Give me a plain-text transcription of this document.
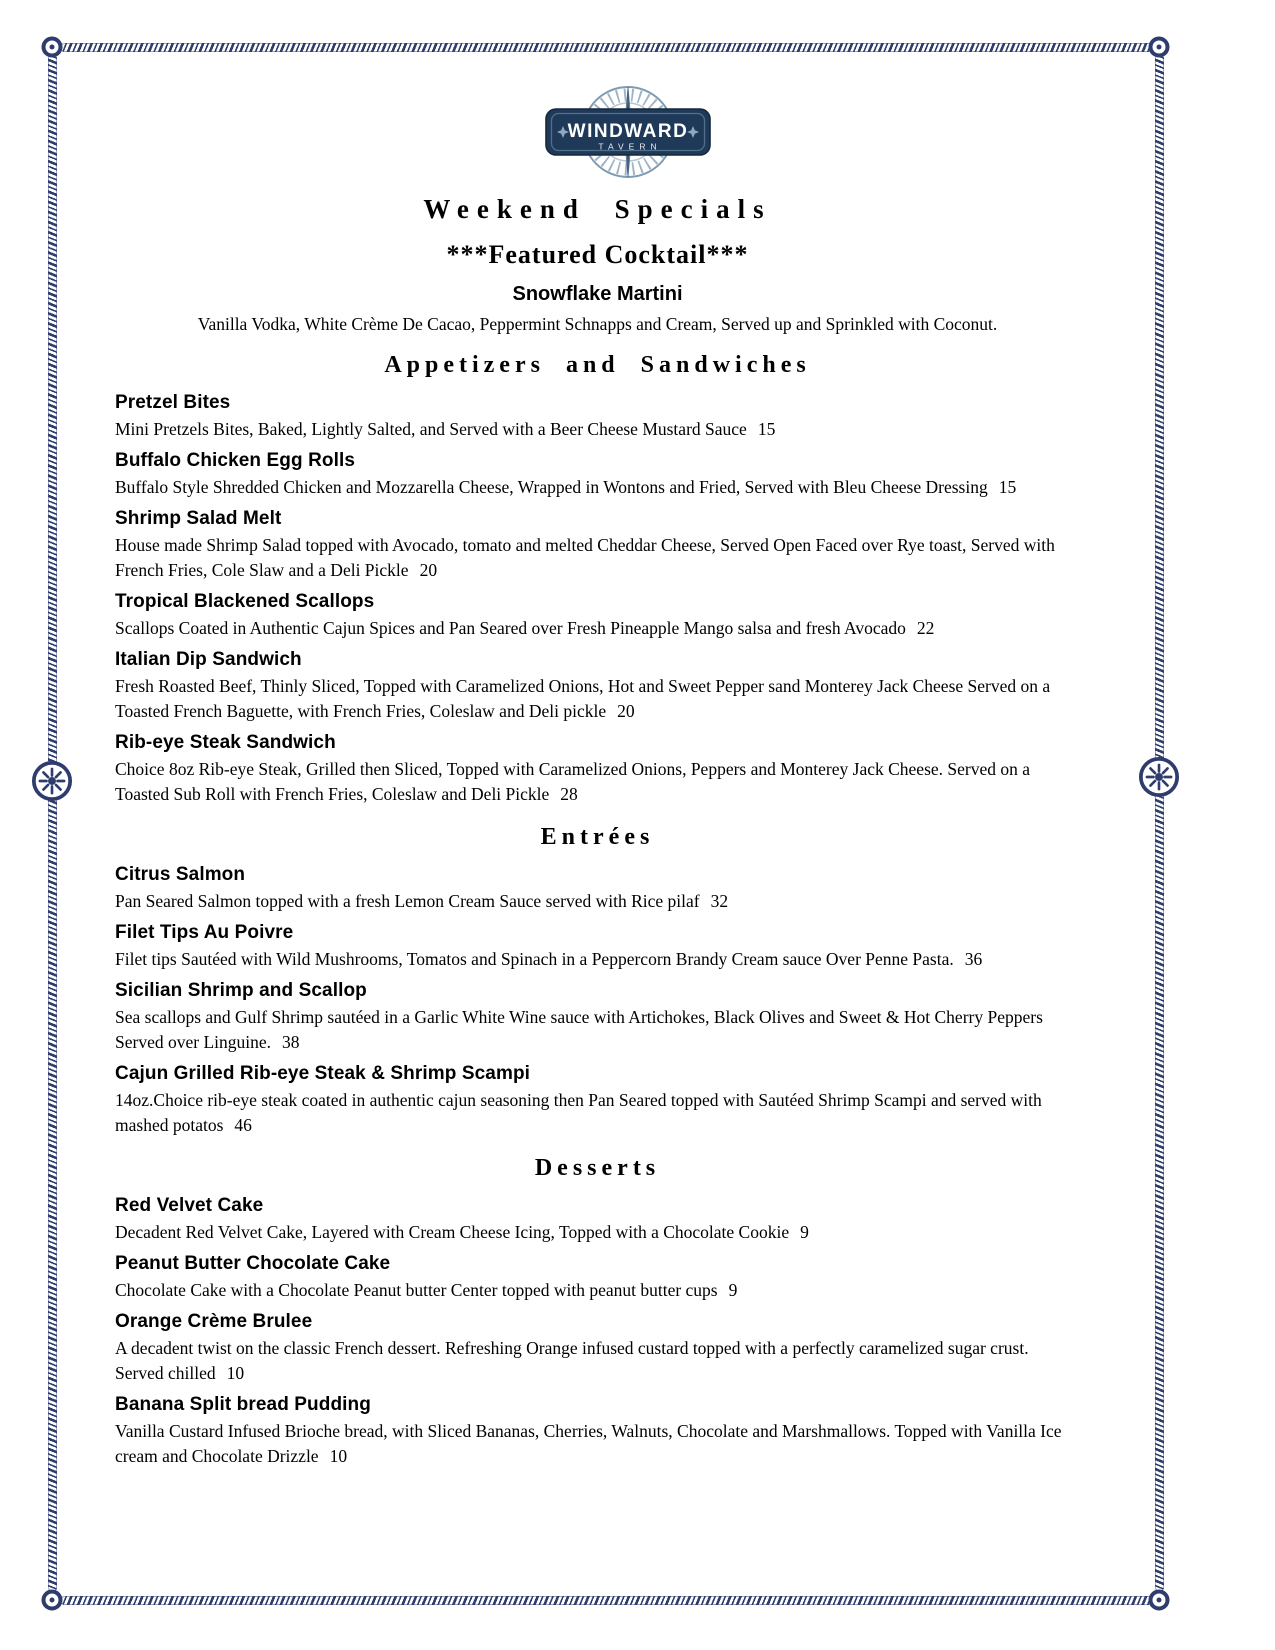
WINDWARD
TAVERN
Weekend Specials
***Featured Cocktail***
Snowflake Martini

Vanilla Vodka, White Crème De Cacao, Peppermint Schnapps and Cream, Served up and Sprinkled with Coconut.

Appetizers and Sandwiches
Pretzel Bites

Mini Pretzels Bites, Baked, Lightly Salted, and Served with a Beer Cheese Mustard Sauce 15

Buffalo Chicken Egg Rolls

Buffalo Style Shredded Chicken and Mozzarella Cheese, Wrapped in Wontons and Fried, Served with Bleu Cheese Dressing 15

Shrimp Salad Melt

House made Shrimp Salad topped with Avocado, tomato and melted Cheddar Cheese, Served Open Faced over Rye toast, Served with French Fries, Cole Slaw and a Deli Pickle 20

Tropical Blackened Scallops

Scallops Coated in Authentic Cajun Spices and Pan Seared over Fresh Pineapple Mango salsa and fresh Avocado 22

Italian Dip Sandwich

Fresh Roasted Beef, Thinly Sliced, Topped with Caramelized Onions, Hot and Sweet Pepper sand Monterey Jack Cheese Served on a Toasted French Baguette, with French Fries, Coleslaw and Deli pickle 20

Rib-eye Steak Sandwich

Choice 8oz Rib-eye Steak, Grilled then Sliced, Topped with Caramelized Onions, Peppers and Monterey Jack Cheese. Served on a Toasted Sub Roll with French Fries, Coleslaw and Deli Pickle 28

Entrées
Citrus Salmon

Pan Seared Salmon topped with a fresh Lemon Cream Sauce served with Rice pilaf 32

Filet Tips Au Poivre

Filet tips Sautéed with Wild Mushrooms, Tomatos and Spinach in a Peppercorn Brandy Cream sauce Over Penne Pasta. 36

Sicilian Shrimp and Scallop

Sea scallops and Gulf Shrimp sautéed in a Garlic White Wine sauce with Artichokes, Black Olives and Sweet & Hot Cherry Peppers Served over Linguine. 38

Cajun Grilled Rib-eye Steak & Shrimp Scampi

14oz.Choice rib-eye steak coated in authentic cajun seasoning then Pan Seared topped with Sautéed Shrimp Scampi and served with mashed potatos 46

Desserts
Red Velvet Cake

Decadent Red Velvet Cake, Layered with Cream Cheese Icing, Topped with a Chocolate Cookie 9

Peanut Butter Chocolate Cake

Chocolate Cake with a Chocolate Peanut butter Center topped with peanut butter cups 9

Orange Crème Brulee

A decadent twist on the classic French dessert. Refreshing Orange infused custard topped with a perfectly caramelized sugar crust. Served chilled 10

Banana Split bread Pudding

Vanilla Custard Infused Brioche bread, with Sliced Bananas, Cherries, Walnuts, Chocolate and Marshmallows. Topped with Vanilla Ice cream and Chocolate Drizzle 10
